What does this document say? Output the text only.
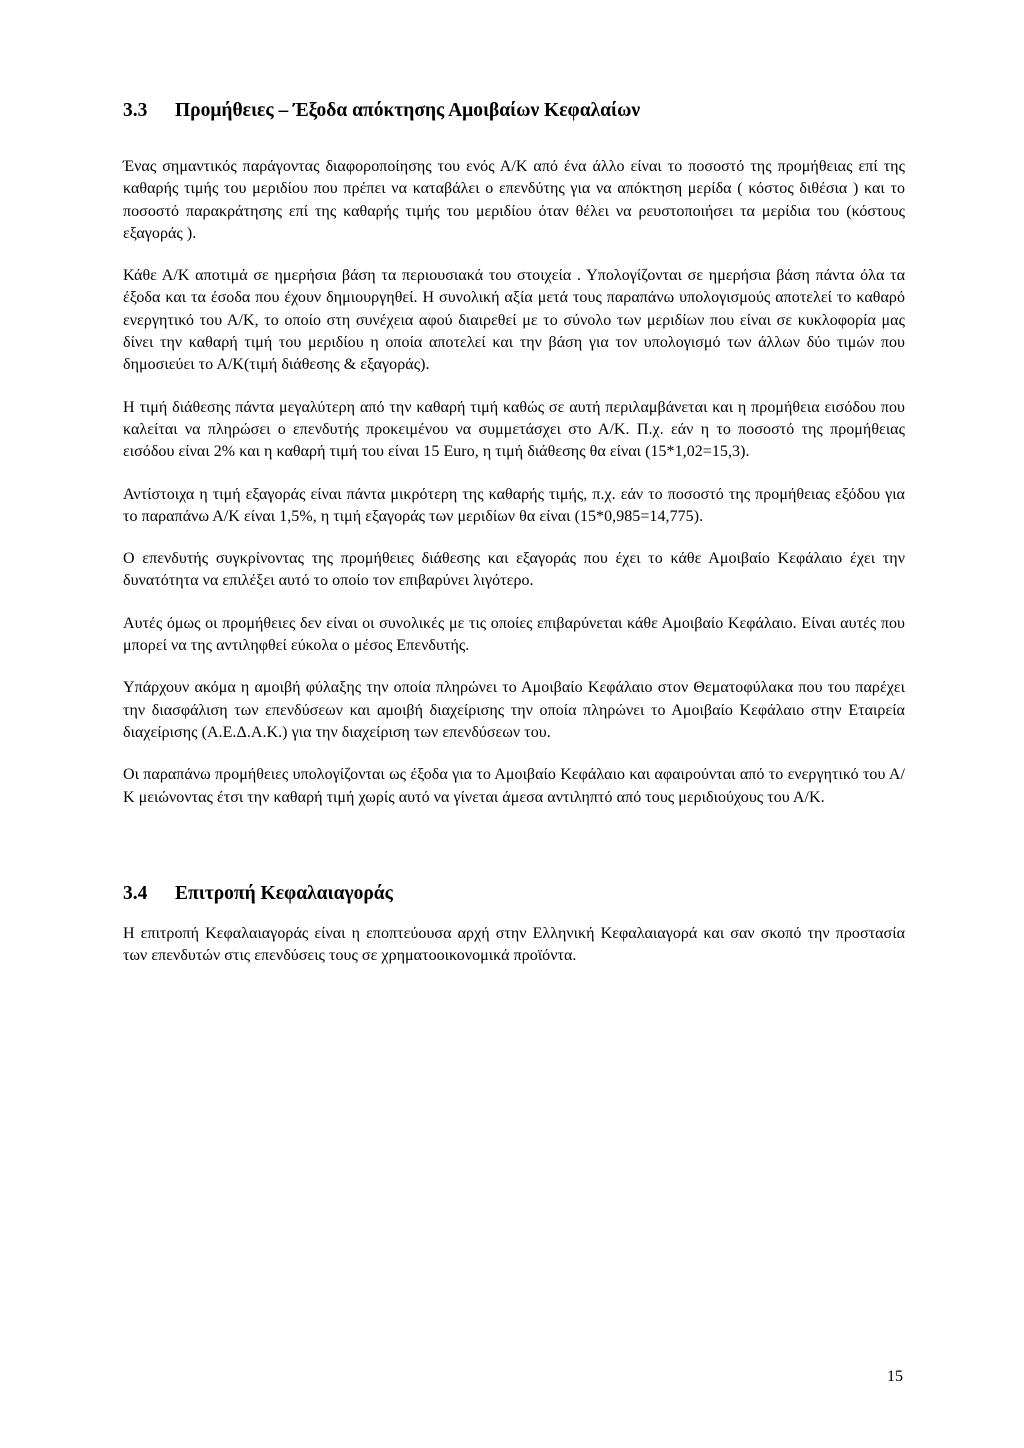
3.3 Προμήθειες – Έξοδα απόκτησης Αμοιβαίων Κεφαλαίων

Ένας σημαντικός παράγοντας διαφοροποίησης του ενός Α/Κ από ένα άλλο είναι το ποσοστό της προμήθειας επί της καθαρής τιμής του μεριδίου που πρέπει να καταβάλει ο επενδύτης για να απόκτηση μερίδα ( κόστος διθέσια ) και το ποσοστό παρακράτησης επί της καθαρής τιμής του μεριδίου όταν θέλει να ρευστοποιήσει τα μερίδια του (κόστους εξαγοράς ).

Κάθε Α/Κ αποτιμά σε ημερήσια βάση τα περιουσιακά του στοιχεία . Υπολογίζονται σε ημερήσια βάση πάντα όλα τα έξοδα και τα έσοδα που έχουν δημιουργηθεί. Η συνολική αξία μετά τους παραπάνω υπολογισμούς αποτελεί το καθαρό ενεργητικό του Α/Κ, το οποίο στη συνέχεια αφού διαιρεθεί με το σύνολο των μεριδίων που είναι σε κυκλοφορία μας δίνει την καθαρή τιμή του μεριδίου η οποία αποτελεί και την βάση για τον υπολογισμό των άλλων δύο τιμών που δημοσιεύει το Α/Κ(τιμή διάθεσης & εξαγοράς).

Η τιμή διάθεσης πάντα μεγαλύτερη από την καθαρή τιμή καθώς σε αυτή περιλαμβάνεται και η προμήθεια εισόδου που καλείται να πληρώσει ο επενδυτής προκειμένου να συμμετάσχει στο Α/Κ. Π.χ. εάν η το ποσοστό της προμήθειας εισόδου είναι 2% και η καθαρή τιμή του είναι 15 Euro, η τιμή διάθεσης θα είναι (15*1,02=15,3).

Αντίστοιχα η τιμή εξαγοράς είναι πάντα μικρότερη της καθαρής τιμής, π.χ. εάν το ποσοστό της προμήθειας εξόδου για το παραπάνω Α/Κ είναι 1,5%, η τιμή εξαγοράς των μεριδίων θα είναι (15*0,985=14,775).

Ο επενδυτής συγκρίνοντας της προμήθειες διάθεσης και εξαγοράς που έχει το κάθε Αμοιβαίο Κεφάλαιο έχει την δυνατότητα να επιλέξει αυτό το οποίο τον επιβαρύνει λιγότερο.

Αυτές όμως οι προμήθειες δεν είναι οι συνολικές με τις οποίες επιβαρύνεται κάθε Αμοιβαίο Κεφάλαιο. Είναι αυτές που μπορεί να της αντιληφθεί εύκολα ο μέσος Επενδυτής.

Υπάρχουν ακόμα η αμοιβή φύλαξης την οποία πληρώνει το Αμοιβαίο Κεφάλαιο στον Θεματοφύλακα που του παρέχει την διασφάλιση των επενδύσεων και αμοιβή διαχείρισης την οποία πληρώνει το Αμοιβαίο Κεφάλαιο στην Εταιρεία διαχείρισης (Α.Ε.Δ.Α.Κ.) για την διαχείριση των επενδύσεων του.

Οι παραπάνω προμήθειες υπολογίζονται ως έξοδα για το Αμοιβαίο Κεφάλαιο και αφαιρούνται από το ενεργητικό του Α/Κ μειώνοντας έτσι την καθαρή τιμή χωρίς αυτό να γίνεται άμεσα αντιληπτό από τους μεριδιούχους του Α/Κ.

3.4 Επιτροπή Κεφαλαιαγοράς

Η επιτροπή Κεφαλαιαγοράς είναι η εποπτεύουσα αρχή στην Ελληνική Κεφαλαιαγορά και σαν σκοπό την προστασία των επενδυτών στις επενδύσεις τους σε χρηματοοικονομικά προϊόντα.

15
